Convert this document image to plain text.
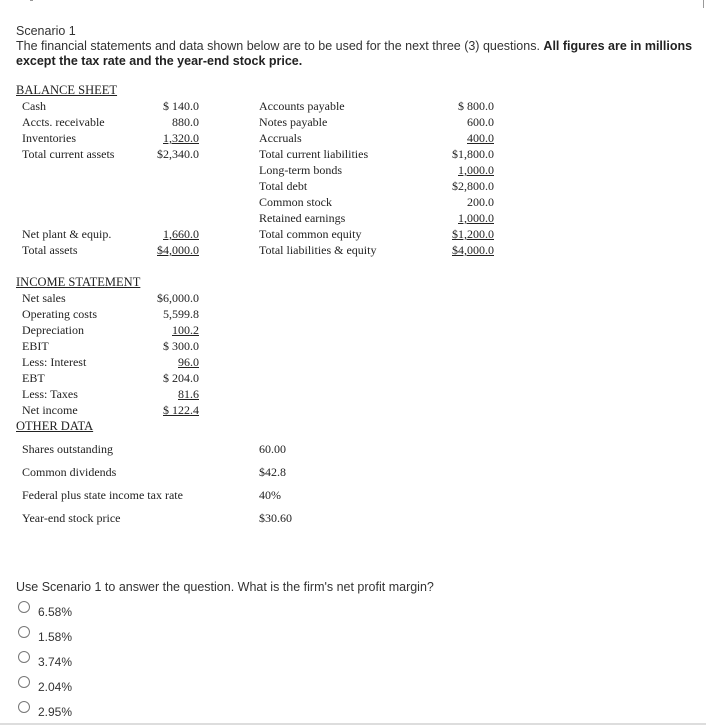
Scenario 1
The financial statements and data shown below are to be used for the next three (3) questions. All figures are in millions except the tax rate and the year-end stock price.
BALANCE SHEET
Cash
Accts. receivable
Inventories
Total current assets
Net plant & equip.
Total assets
$ 140.0
880.0
1,320.0
$2,340.0
1,660.0
$4,000.0
Accounts payable
Notes payable
Accruals
Total current liabilities
Long-term bonds
Total debt
Common stock
Retained earnings
Total common equity
Total liabilities & equity
$ 800.0
600.0
400.0
$1,800.0
1,000.0
$2,800.0
200.0
1,000.0
$1,200.0
$4,000.0
INCOME STATEMENT
Net sales
Operating costs
Depreciation
EBIT
Less: Interest
EBT
Less: Taxes
Net income
$6,000.0
5,599.8
100.2
$ 300.0
96.0
$ 204.0
81.6
$ 122.4
OTHER DATA
Shares outstanding
Common dividends
Federal plus state income tax rate
Year-end stock price
60.00
$42.8
40%
$30.60
Use Scenario 1 to answer the question. What is the firm's net profit margin?
6.58%
1.58%
3.74%
2.04%
2.95%
